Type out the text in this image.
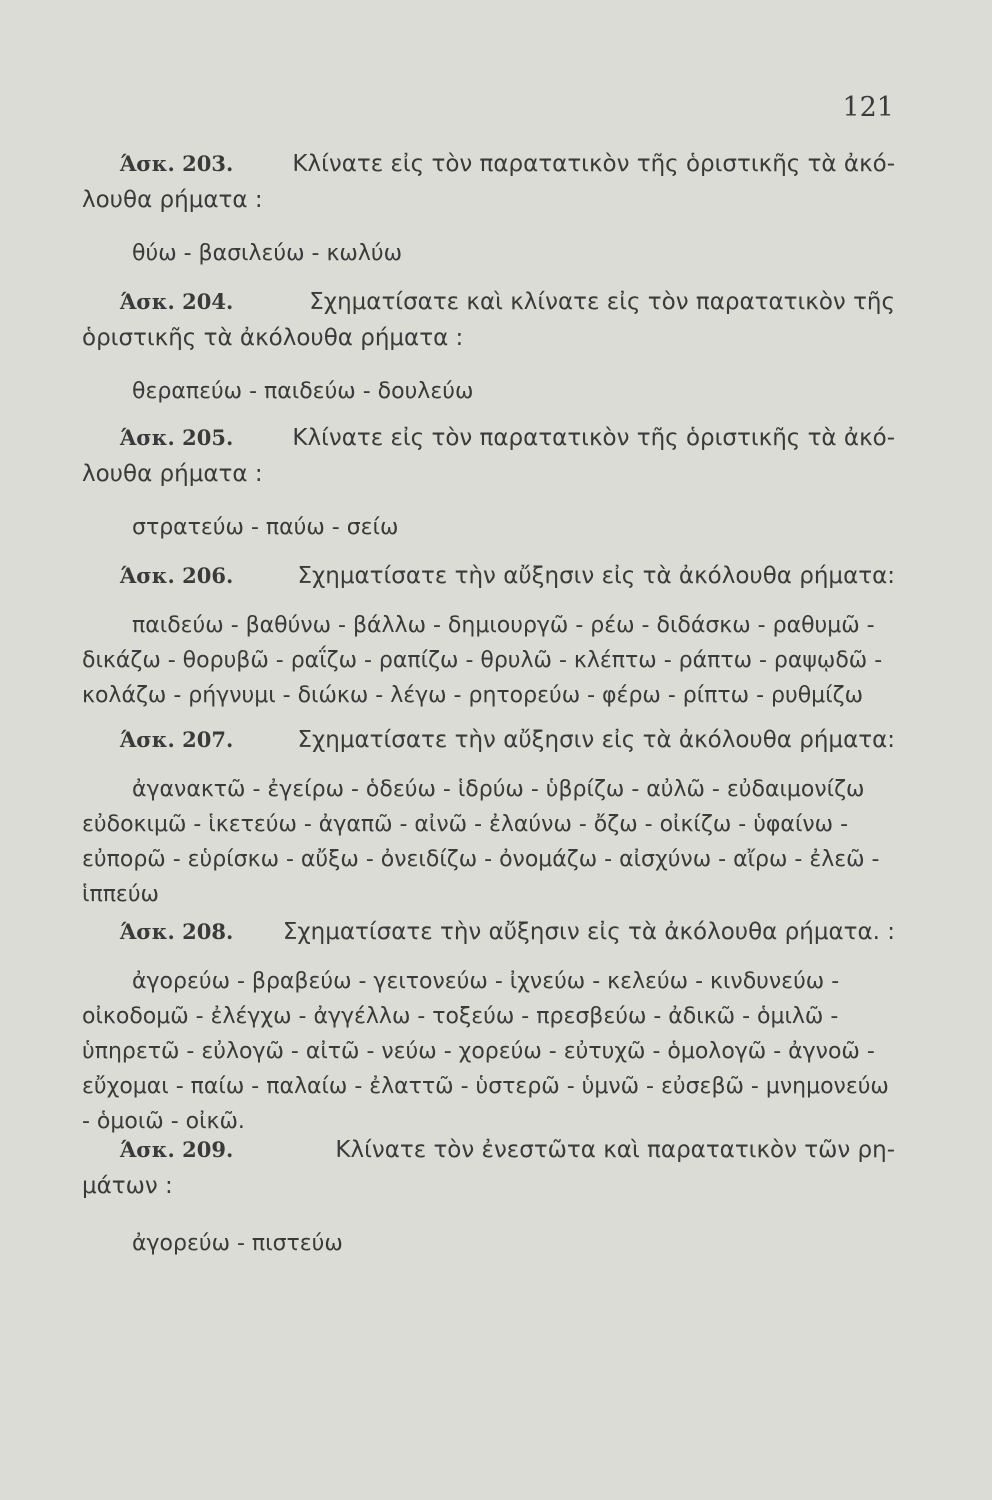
121
Άσκ. 203.	Κλίνατε εἰς τὸν παρατατικὸν τῆς ὁριστικῆς τὰ ἀκό-
λουθα ρήματα :
θύω - βασιλεύω - κωλύω
Άσκ. 204.	Σχηματίσατε καὶ κλίνατε εἰς τὸν παρατατικὸν τῆς
ὁριστικῆς τὰ ἀκόλουθα ρήματα :
θεραπεύω - παιδεύω - δουλεύω
Άσκ. 205.	Κλίνατε εἰς τὸν παρατατικὸν τῆς ὁριστικῆς τὰ ἀκό-
λουθα ρήματα :
στρατεύω - παύω - σείω
Άσκ. 206.	Σχηματίσατε τὴν αὔξησιν εἰς τὰ ἀκόλουθα ρήματα:
παιδεύω - βαθύνω - βάλλω - δημιουργῶ - ρέω - διδάσκω - ραθυμῶ -
δικάζω - θορυβῶ - ραΐζω - ραπίζω - θρυλῶ - κλέπτω - ράπτω - ραψῳδῶ -
κολάζω - ρήγνυμι - διώκω - λέγω - ρητορεύω - φέρω - ρίπτω - ρυθμίζω
Άσκ. 207.	Σχηματίσατε τὴν αὔξησιν εἰς τὰ ἀκόλουθα ρήματα:
ἀγανακτῶ - ἐγείρω - ὁδεύω - ἱδρύω - ὑβρίζω - αὐλῶ - εὐδαιμονίζω
εὐδοκιμῶ - ἱκετεύω - ἀγαπῶ - αἰνῶ - ἐλαύνω - ὄζω - οἰκίζω - ὑφαίνω -
εὐπορῶ - εὑρίσκω - αὔξω - ὀνειδίζω - ὀνομάζω - αἰσχύνω - αἴρω - ἐλεῶ -
ἱππεύω
Άσκ. 208. Σχηματίσατε τὴν αὔξησιν εἰς τὰ ἀκόλουθα ρήματα. :
ἀγορεύω - βραβεύω - γειτονεύω - ἰχνεύω - κελεύω - κινδυνεύω -
οἰκοδομῶ - ἐλέγχω - ἀγγέλλω - τοξεύω - πρεσβεύω - ἀδικῶ - ὁμιλῶ -
ὑπηρετῶ - εὐλογῶ - αἰτῶ - νεύω - χορεύω - εὐτυχῶ - ὁμολογῶ - ἀγνοῶ -
εὔχομαι - παίω - παλαίω - ἐλαττῶ - ὑστερῶ - ὑμνῶ - εὐσεβῶ - μνημονεύω
- ὁμοιῶ - οἰκῶ.
Άσκ. 209.	Κλίνατε τὸν ἐνεστῶτα καὶ παρατατικὸν τῶν ρη-
μάτων :
ἀγορεύω - πιστεύω
